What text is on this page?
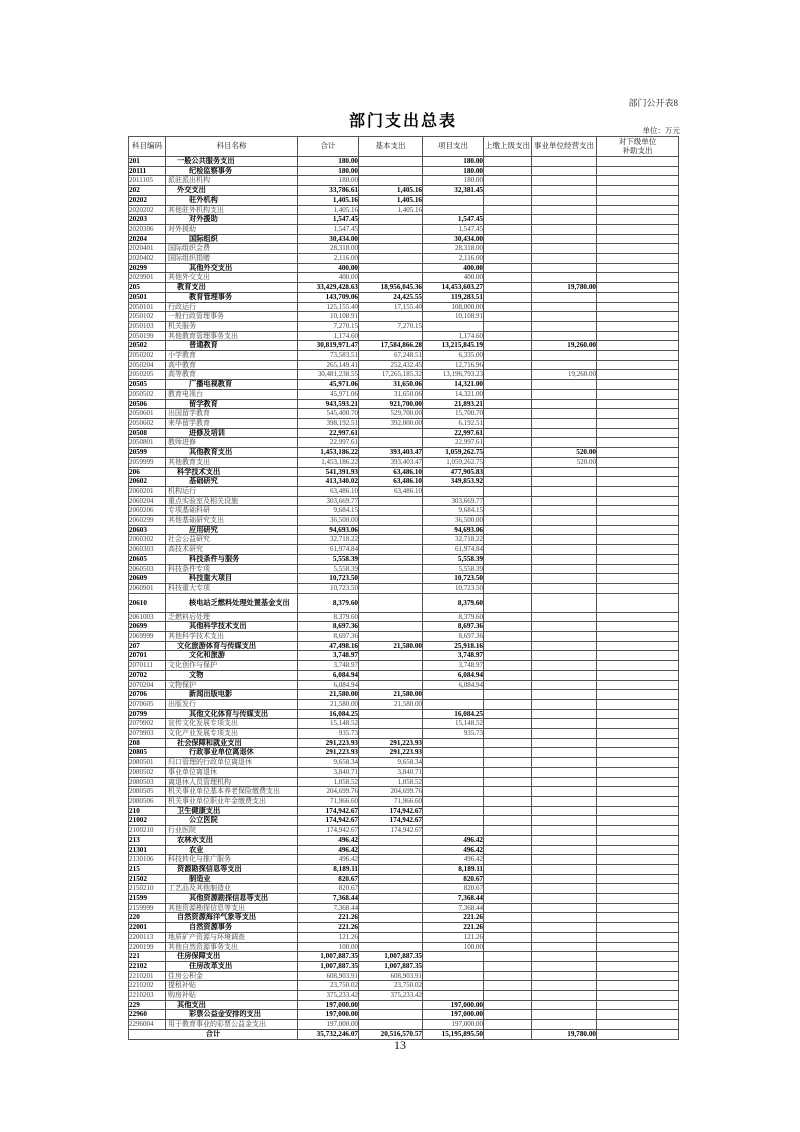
部门公开表8
部门支出总表
单位：万元
科目编码	科目名称	合计	基本支出	项目支出	上缴上级支出	事业单位经营支出	对下级单位补助支出
201	一般公共服务支出	180.00		180.00			
20111	纪检监察事务	180.00		180.00			
2011105	派驻派出机构	180.00		180.00			
202	外交支出	33,786.61	1,405.16	32,381.45			
20202	驻外机构	1,405.16	1,405.16				
2020202	其他驻外机构支出	1,405.16	1,405.16				
20203	对外援助	1,547.45		1,547.45			
2020306	对外援助	1,547.45		1,547.45			
20204	国际组织	30,434.00		30,434.00			
2020401	国际组织会费	28,318.00		28,318.00			
2020402	国际组织捐赠	2,116.00		2,116.00			
20299	其他外交支出	400.00		400.00			
2029901	其他外交支出	400.00		400.00			
205	教育支出	33,429,428.63	18,956,045.36	14,453,603.27		19,780.00	
20501	教育管理事务	143,709.06	24,425.55	119,283.51			
2050101	行政运行	125,155.40	17,155.40	108,000.00			
2050102	一般行政管理事务	10,108.91		10,108.91			
2050103	机关服务	7,270.15	7,270.15				
2050199	其他教育管理事务支出	1,174.60		1,174.60			
20502	普通教育	30,819,971.47	17,584,866.28	13,215,845.19		19,260.00	
2050202	小学教育	73,583.51	67,248.51	6,335.00			
2050204	高中教育	265,149.41	252,432.45	12,716.96			
2050205	高等教育	30,481,238.55	17,265,185.32	13,196,793.23		19,260.00	
20505	广播电视教育	45,971.06	31,650.06	14,321.00			
2050502	教育电视台	45,971.06	31,650.06	14,321.00			
20506	留学教育	943,593.21	921,700.00	21,893.21			
2050601	出国留学教育	545,400.70	529,700.00	15,700.70			
2050602	来华留学教育	398,192.51	392,000.00	6,192.51			
20508	进修及培训	22,997.61		22,997.61			
2050801	教师进修	22,997.61		22,997.61			
20599	其他教育支出	1,453,186.22	393,403.47	1,059,262.75		520.00	
2059999	其他教育支出	1,453,186.22	393,403.47	1,059,262.75		520.00	
206	科学技术支出	541,391.93	63,486.10	477,905.83			
20602	基础研究	413,340.02	63,486.10	349,853.92			
2060201	机构运行	63,486.10	63,486.10				
2060204	重点实验室及相关设施	303,669.77		303,669.77			
2060206	专项基础科研	9,684.15		9,684.15			
2060299	其他基础研究支出	36,500.00		36,500.00			
20603	应用研究	94,693.06		94,693.06			
2060302	社会公益研究	32,718.22		32,718.22			
2060303	高技术研究	61,974.84		61,974.84			
20605	科技条件与服务	5,558.39		5,558.39			
2060503	科技条件专项	5,558.39		5,558.39			
20609	科技重大项目	10,723.50		10,723.50			
2060901	科技重大专项	10,723.50		10,723.50			
20610	核电站乏燃料处理处置基金支出	8,379.60		8,379.60			
2061003	乏燃料后处理	8,379.60		8,379.60			
20699	其他科学技术支出	8,697.36		8,697.36			
2069999	其他科学技术支出	8,697.36		8,697.36			
207	文化旅游体育与传媒支出	47,498.16	21,580.00	25,918.16			
20701	文化和旅游	3,748.97		3,748.97			
2070111	文化创作与保护	3,748.97		3,748.97			
20702	文物	6,084.94		6,084.94			
2070204	文物保护	6,084.94		6,084.94			
20706	新闻出版电影	21,580.00	21,580.00				
2070605	出版发行	21,580.00	21,580.00				
20799	其他文化体育与传媒支出	16,084.25		16,084.25			
2079902	宣传文化发展专项支出	15,148.52		15,148.52			
2079903	文化产业发展专项支出	935.73		935.73			
208	社会保障和就业支出	291,223.93	291,223.93				
20805	行政事业单位离退休	291,223.93	291,223.93				
2080501	归口管理的行政单位离退休	9,658.34	9,658.34				
2080502	事业单位离退休	3,840.71	3,840.71				
2080503	离退休人员管理机构	1,058.52	1,058.52				
2080505	机关事业单位基本养老保险缴费支出	204,699.76	204,699.76				
2080506	机关事业单位职业年金缴费支出	71,966.60	71,966.60				
210	卫生健康支出	174,942.67	174,942.67				
21002	公立医院	174,942.67	174,942.67				
2100210	行业医院	174,942.67	174,942.67				
213	农林水支出	496.42		496.42			
21301	农业	496.42		496.42			
2130106	科技转化与推广服务	496.42		496.42			
215	资源勘探信息等支出	8,189.11		8,189.11			
21502	制造业	820.67		820.67			
2150210	工艺品及其他制造业	820.67		820.67			
21599	其他资源勘探信息等支出	7,368.44		7,368.44			
2159999	其他资源勘探信息等支出	7,368.44		7,368.44			
220	自然资源海洋气象等支出	221.26		221.26			
22001	自然资源事务	221.26		221.26			
2200113	地质矿产资源与环境调查	121.26		121.26			
2200199	其他自然资源事务支出	100.00		100.00			
221	住房保障支出	1,007,887.35	1,007,887.35				
22102	住房改革支出	1,007,887.35	1,007,887.35				
2210201	住房公积金	608,903.91	608,903.91				
2210202	提租补贴	23,750.02	23,750.02				
2210203	购房补贴	375,233.42	375,233.42				
229	其他支出	197,000.00		197,000.00			
22960	彩票公益金安排的支出	197,000.00		197,000.00			
2296004	用于教育事业的彩票公益金支出	197,000.00		197,000.00			
合计		35,732,246.07	20,516,570.57	15,195,895.50		19,780.00	
13
